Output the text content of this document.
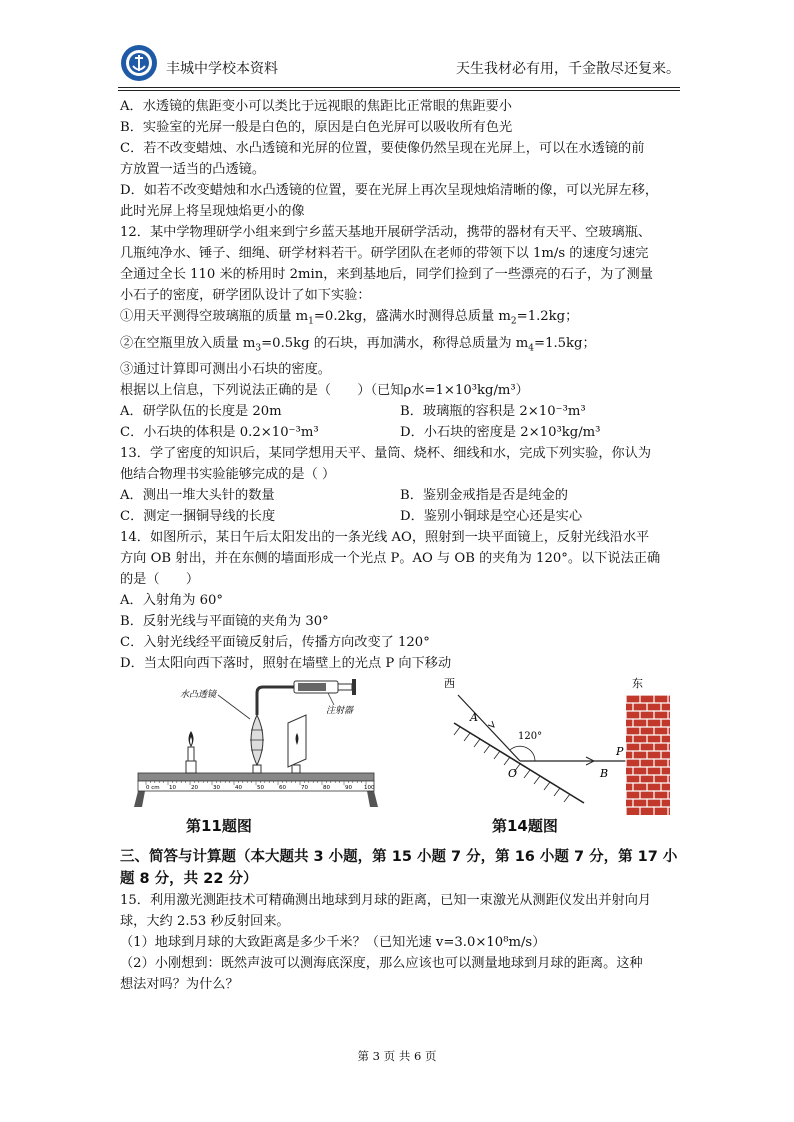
丰城中学校本资料	天生我材必有用，千金散尽还复来。

A．水透镜的焦距变小可以类比于远视眼的焦距比正常眼的焦距要小

B．实验室的光屏一般是白色的，原因是白色光屏可以吸收所有色光

C．若不改变蜡烛、水凸透镜和光屏的位置，要使像仍然呈现在光屏上，可以在水透镜的前

方放置一适当的凸透镜。

D．如若不改变蜡烛和水凸透镜的位置，要在光屏上再次呈现烛焰清晰的像，可以光屏左移，

此时光屏上将呈现烛焰更小的像

12．某中学物理研学小组来到宁乡蓝天基地开展研学活动，携带的器材有天平、空玻璃瓶、

几瓶纯净水、锤子、细绳、研学材料若干。研学团队在老师的带领下以 1m/s 的速度匀速完

全通过全长 110 米的桥用时 2min，来到基地后，同学们捡到了一些漂亮的石子，为了测量

小石子的密度，研学团队设计了如下实验：

①用天平测得空玻璃瓶的质量 $m_1=0.2kg$，盛满水时测得总质量 $m_2=1.2kg$；

②在空瓶里放入质量 $m_3=0.5kg$ 的石块，再加满水，称得总质量为 $m_4=1.5kg$；

③通过计算即可测出小石块的密度。

根据以上信息，下列说法正确的是（　　）（已知ρ水=1×10³kg/m³）

A．研学队伍的长度是 20m	B．玻璃瓶的容积是 2×10⁻³m³
C．小石块的体积是 0.2×10⁻³m³	D．小石块的密度是 2×10³kg/m³

13．学了密度的知识后，某同学想用天平、量筒、烧杯、细线和水，完成下列实验，你认为

他结合物理书实验能够完成的是（ ）

A．测出一堆大头针的数量	B．鉴别金戒指是否是纯金的
C．测定一捆铜导线的长度	D．鉴别小铜球是空心还是实心

14．如图所示，某日午后太阳发出的一条光线 AO，照射到一块平面镜上，反射光线沿水平

方向 OB 射出，并在东侧的墙面形成一个光点 P。AO 与 OB 的夹角为 120°。以下说法正确

的是（　　）

A．入射角为 60°

B．反射光线与平面镜的夹角为 30°

C．入射光线经平面镜反射后，传播方向改变了 120°

D．当太阳向西下落时，照射在墙壁上的光点 P 向下移动

0 cm 10	20	30	40	50	60	70	80	90 100
水凸透镜
注射器
第11题图
西	东
A
120°
O	B
P
第14题图
三、简答与计算题（本大题共 3 小题，第 15 小题 7 分，第 16 小题 7 分，第 17 小题 8 分，共 22 分）

15．利用激光测距技术可精确测出地球到月球的距离，已知一束激光从测距仪发出并射向月

球，大约 2.53 秒反射回来。

（1）地球到月球的大致距离是多少千米？（已知光速 v=3.0×10⁸m/s）

（2）小刚想到：既然声波可以测海底深度，那么应该也可以测量地球到月球的距离。这种

想法对吗？为什么？

第 3 页 共 6 页
